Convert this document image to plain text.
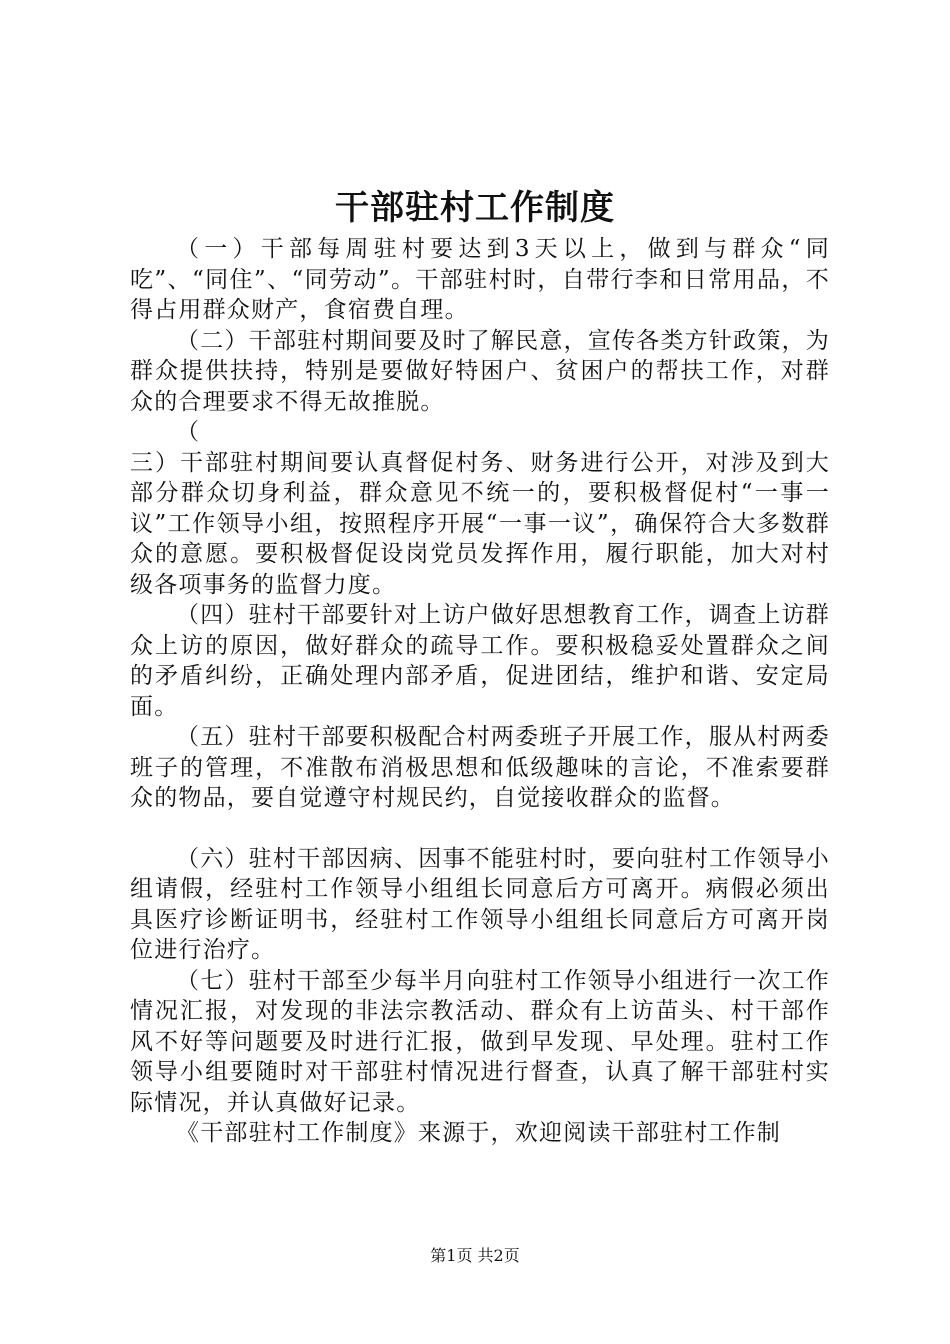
干部驻村工作制度

（一）干部每周驻村要达到3天以上，做到与群众“同吃”、“同住”、“同劳动”。干部驻村时，自带行李和日常用品，不得占用群众财产，食宿费自理。

（二）干部驻村期间要及时了解民意，宣传各类方针政策，为群众提供扶持，特别是要做好特困户、贫困户的帮扶工作，对群众的合理要求不得无故推脱。

（

三）干部驻村期间要认真督促村务、财务进行公开，对涉及到大部分群众切身利益，群众意见不统一的，要积极督促村“一事一议”工作领导小组，按照程序开展“一事一议”，确保符合大多数群众的意愿。要积极督促设岗党员发挥作用，履行职能，加大对村级各项事务的监督力度。

（四）驻村干部要针对上访户做好思想教育工作，调查上访群众上访的原因，做好群众的疏导工作。要积极稳妥处置群众之间的矛盾纠纷，正确处理内部矛盾，促进团结，维护和谐、安定局面。

（五）驻村干部要积极配合村两委班子开展工作，服从村两委班子的管理，不准散布消极思想和低级趣味的言论，不准索要群众的物品，要自觉遵守村规民约，自觉接收群众的监督。

（六）驻村干部因病、因事不能驻村时，要向驻村工作领导小组请假，经驻村工作领导小组组长同意后方可离开。病假必须出具医疗诊断证明书，经驻村工作领导小组组长同意后方可离开岗位进行治疗。

（七）驻村干部至少每半月向驻村工作领导小组进行一次工作情况汇报，对发现的非法宗教活动、群众有上访苗头、村干部作风不好等问题要及时进行汇报，做到早发现、早处理。驻村工作领导小组要随时对干部驻村情况进行督查，认真了解干部驻村实际情况，并认真做好记录。

《干部驻村工作制度》来源于，欢迎阅读干部驻村工作制

第1页 共2页
